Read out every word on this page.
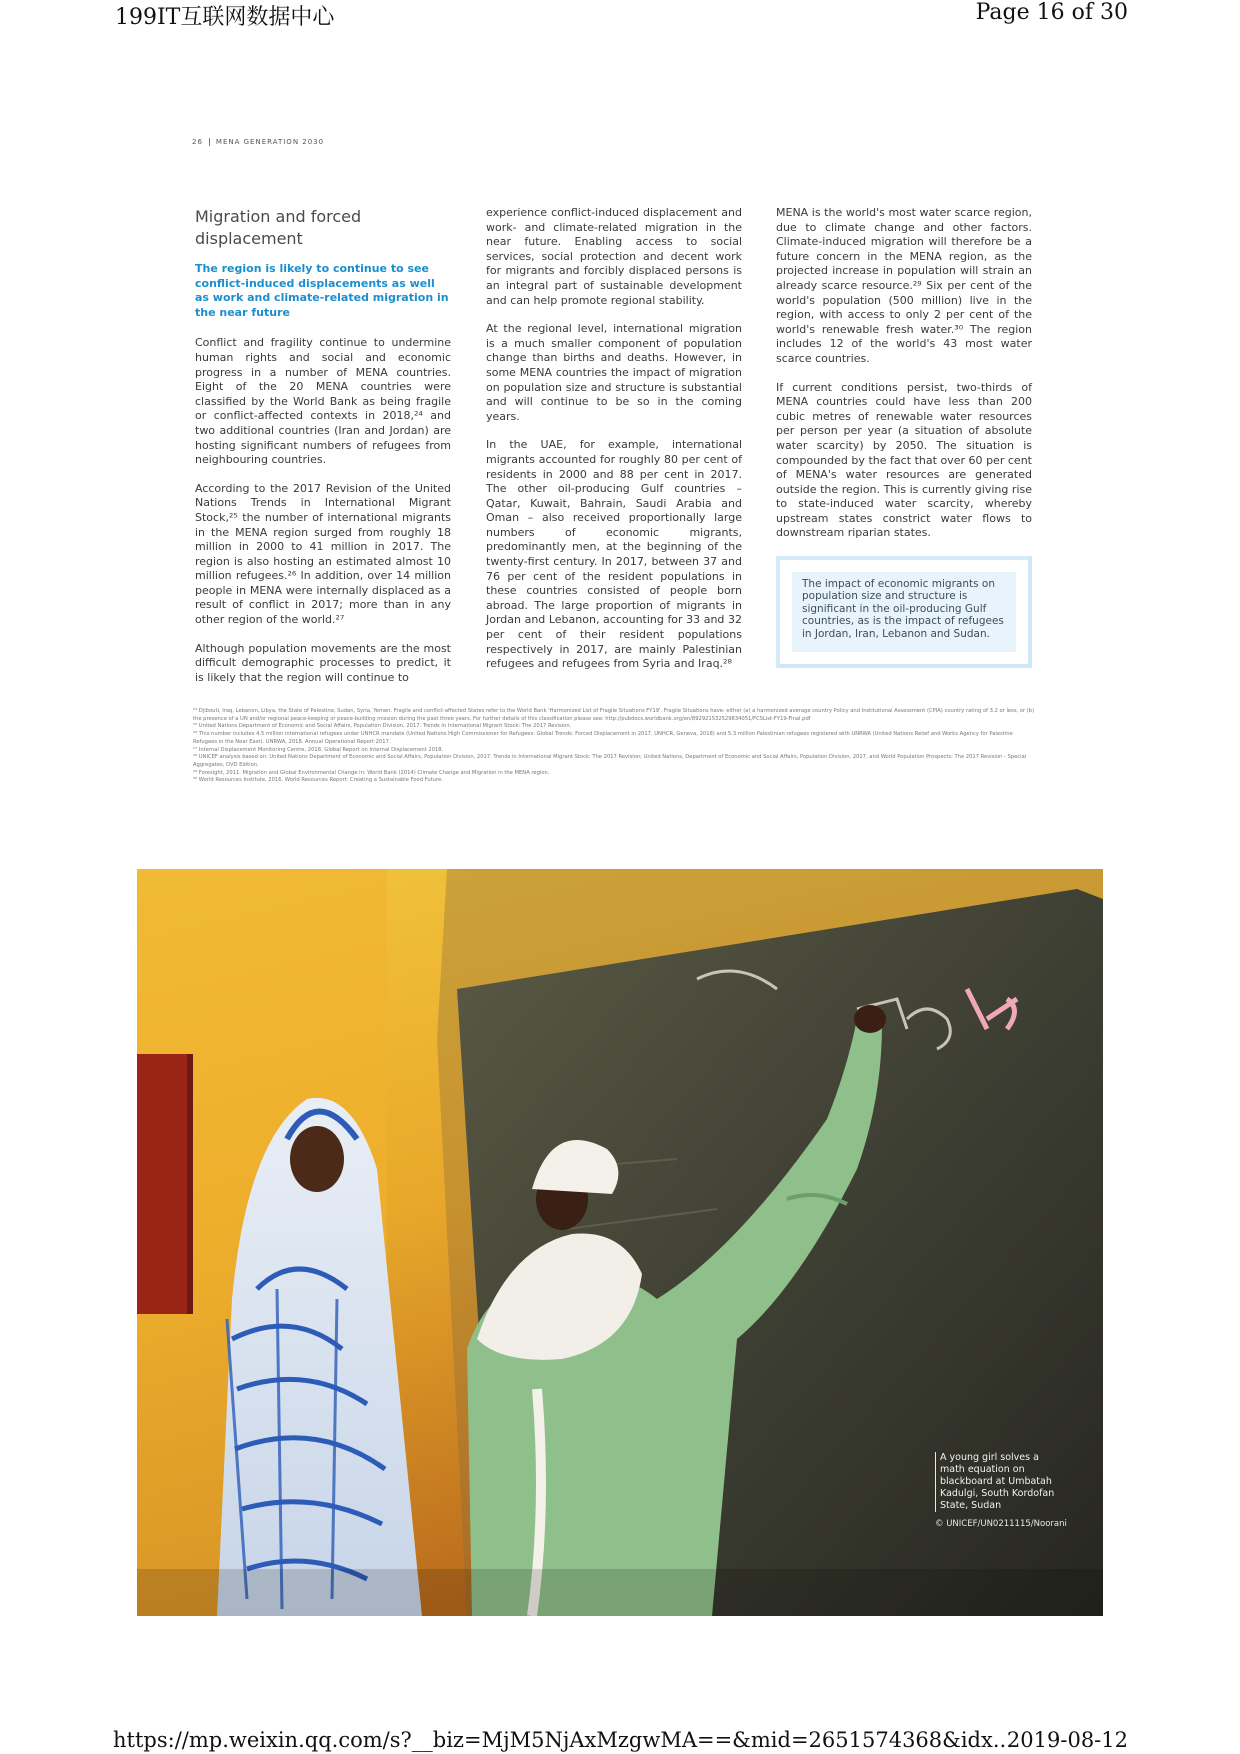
199IT互联网数据中心	Page 16 of 30
26 MENA GENERATION 2030
Migration and forced displacement
The region is likely to continue to see conflict-induced displacements as well as work and climate-related migration in the near future

Conflict and fragility continue to undermine human rights and social and economic progress in a number of MENA countries. Eight of the 20 MENA countries were classified by the World Bank as being fragile or conflict-affected contexts in 2018,²⁴ and two additional countries (Iran and Jordan) are hosting significant numbers of refugees from neighbouring countries.

According to the 2017 Revision of the United Nations Trends in International Migrant Stock,²⁵ the number of international migrants in the MENA region surged from roughly 18 million in 2000 to 41 million in 2017. The region is also hosting an estimated almost 10 million refugees.²⁶ In addition, over 14 million people in MENA were internally displaced as a result of conflict in 2017; more than in any other region of the world.²⁷

Although population movements are the most difficult demographic processes to predict, it is likely that the region will continue to

experience conflict-induced displacement and work- and climate-related migration in the near future. Enabling access to social services, social protection and decent work for migrants and forcibly displaced persons is an integral part of sustainable development and can help promote regional stability.

At the regional level, international migration is a much smaller component of population change than births and deaths. However, in some MENA countries the impact of migration on population size and structure is substantial and will continue to be so in the coming years.

In the UAE, for example, international migrants accounted for roughly 80 per cent of residents in 2000 and 88 per cent in 2017. The other oil-producing Gulf countries – Qatar, Kuwait, Bahrain, Saudi Arabia and Oman – also received proportionally large numbers of economic migrants, predominantly men, at the beginning of the twenty-first century. In 2017, between 37 and 76 per cent of the resident populations in these countries consisted of people born abroad. The large proportion of migrants in Jordan and Lebanon, accounting for 33 and 32 per cent of their resident populations respectively in 2017, are mainly Palestinian refugees and refugees from Syria and Iraq.²⁸

MENA is the world's most water scarce region, due to climate change and other factors. Climate-induced migration will therefore be a future concern in the MENA region, as the projected increase in population will strain an already scarce resource.²⁹ Six per cent of the world's population (500 million) live in the region, with access to only 2 per cent of the world's renewable fresh water.³⁰ The region includes 12 of the world's 43 most water scarce countries.

If current conditions persist, two-thirds of MENA countries could have less than 200 cubic metres of renewable water resources per person per year (a situation of absolute water scarcity) by 2050. The situation is compounded by the fact that over 60 per cent of MENA's water resources are generated outside the region. This is currently giving rise to state-induced water scarcity, whereby upstream states constrict water flows to downstream riparian states.

The impact of economic migrants on population size and structure is significant in the oil-producing Gulf countries, as is the impact of refugees in Jordan, Iran, Lebanon and Sudan.
²⁴ Djibouti, Iraq, Lebanon, Libya, the State of Palestine, Sudan, Syria, Yemen. Fragile and conflict-affected States refer to the World Bank 'Harmonized List of Fragile Situations FY19'. Fragile Situations have: either (a) a harmonized average country Policy and Institutional Assessment (CPIA) country rating of 3.2 or less, or (b)
the presence of a UN and/or regional peace-keeping or peace-building mission during the past three years. For further details of this classification please see: http://pubdocs.worldbank.org/en/892921532529834051/FCSList-FY19-Final.pdf
²⁵ United Nations Department of Economic and Social Affairs, Population Division, 2017. Trends in International Migrant Stock: The 2017 Revision.
²⁶ This number includes 4.5 million international refugees under UNHCR mandate (United Nations High Commissioner for Refugees: Global Trends: Forced Displacement in 2017, UNHCR, Geneva, 2018) and 5.3 million Palestinian refugees registered with UNRWA (United Nations Relief and Works Agency for Palestine
Refugees in the Near East). UNRWA, 2018. Annual Operational Report 2017.
²⁷ Internal Displacement Monitoring Centre, 2018. Global Report on Internal Displacement 2018.
²⁸ UNICEF analysis based on: United Nations Department of Economic and Social Affairs, Population Division, 2017. Trends in International Migrant Stock: The 2017 Revision; United Nations, Department of Economic and Social Affairs, Population Division, 2017, and World Population Prospects: The 2017 Revision - Special
Aggregates, DVD Edition.
²⁹ Foresight, 2011. Migration and Global Environmental Change in: World Bank (2014) Climate Change and Migration in the MENA region.
³⁰ World Resources Institute, 2016. World Resources Report: Creating a Sustainable Food Future.
A young girl solves a math equation on blackboard at Umbatah Kadulgi, South Kordofan State, Sudan
© UNICEF/UN0211115/Noorani
https://mp.weixin.qq.com/s?__biz=MjM5NjAxMzgwMA==&mid=2651574368&idx...
2019-08-12
